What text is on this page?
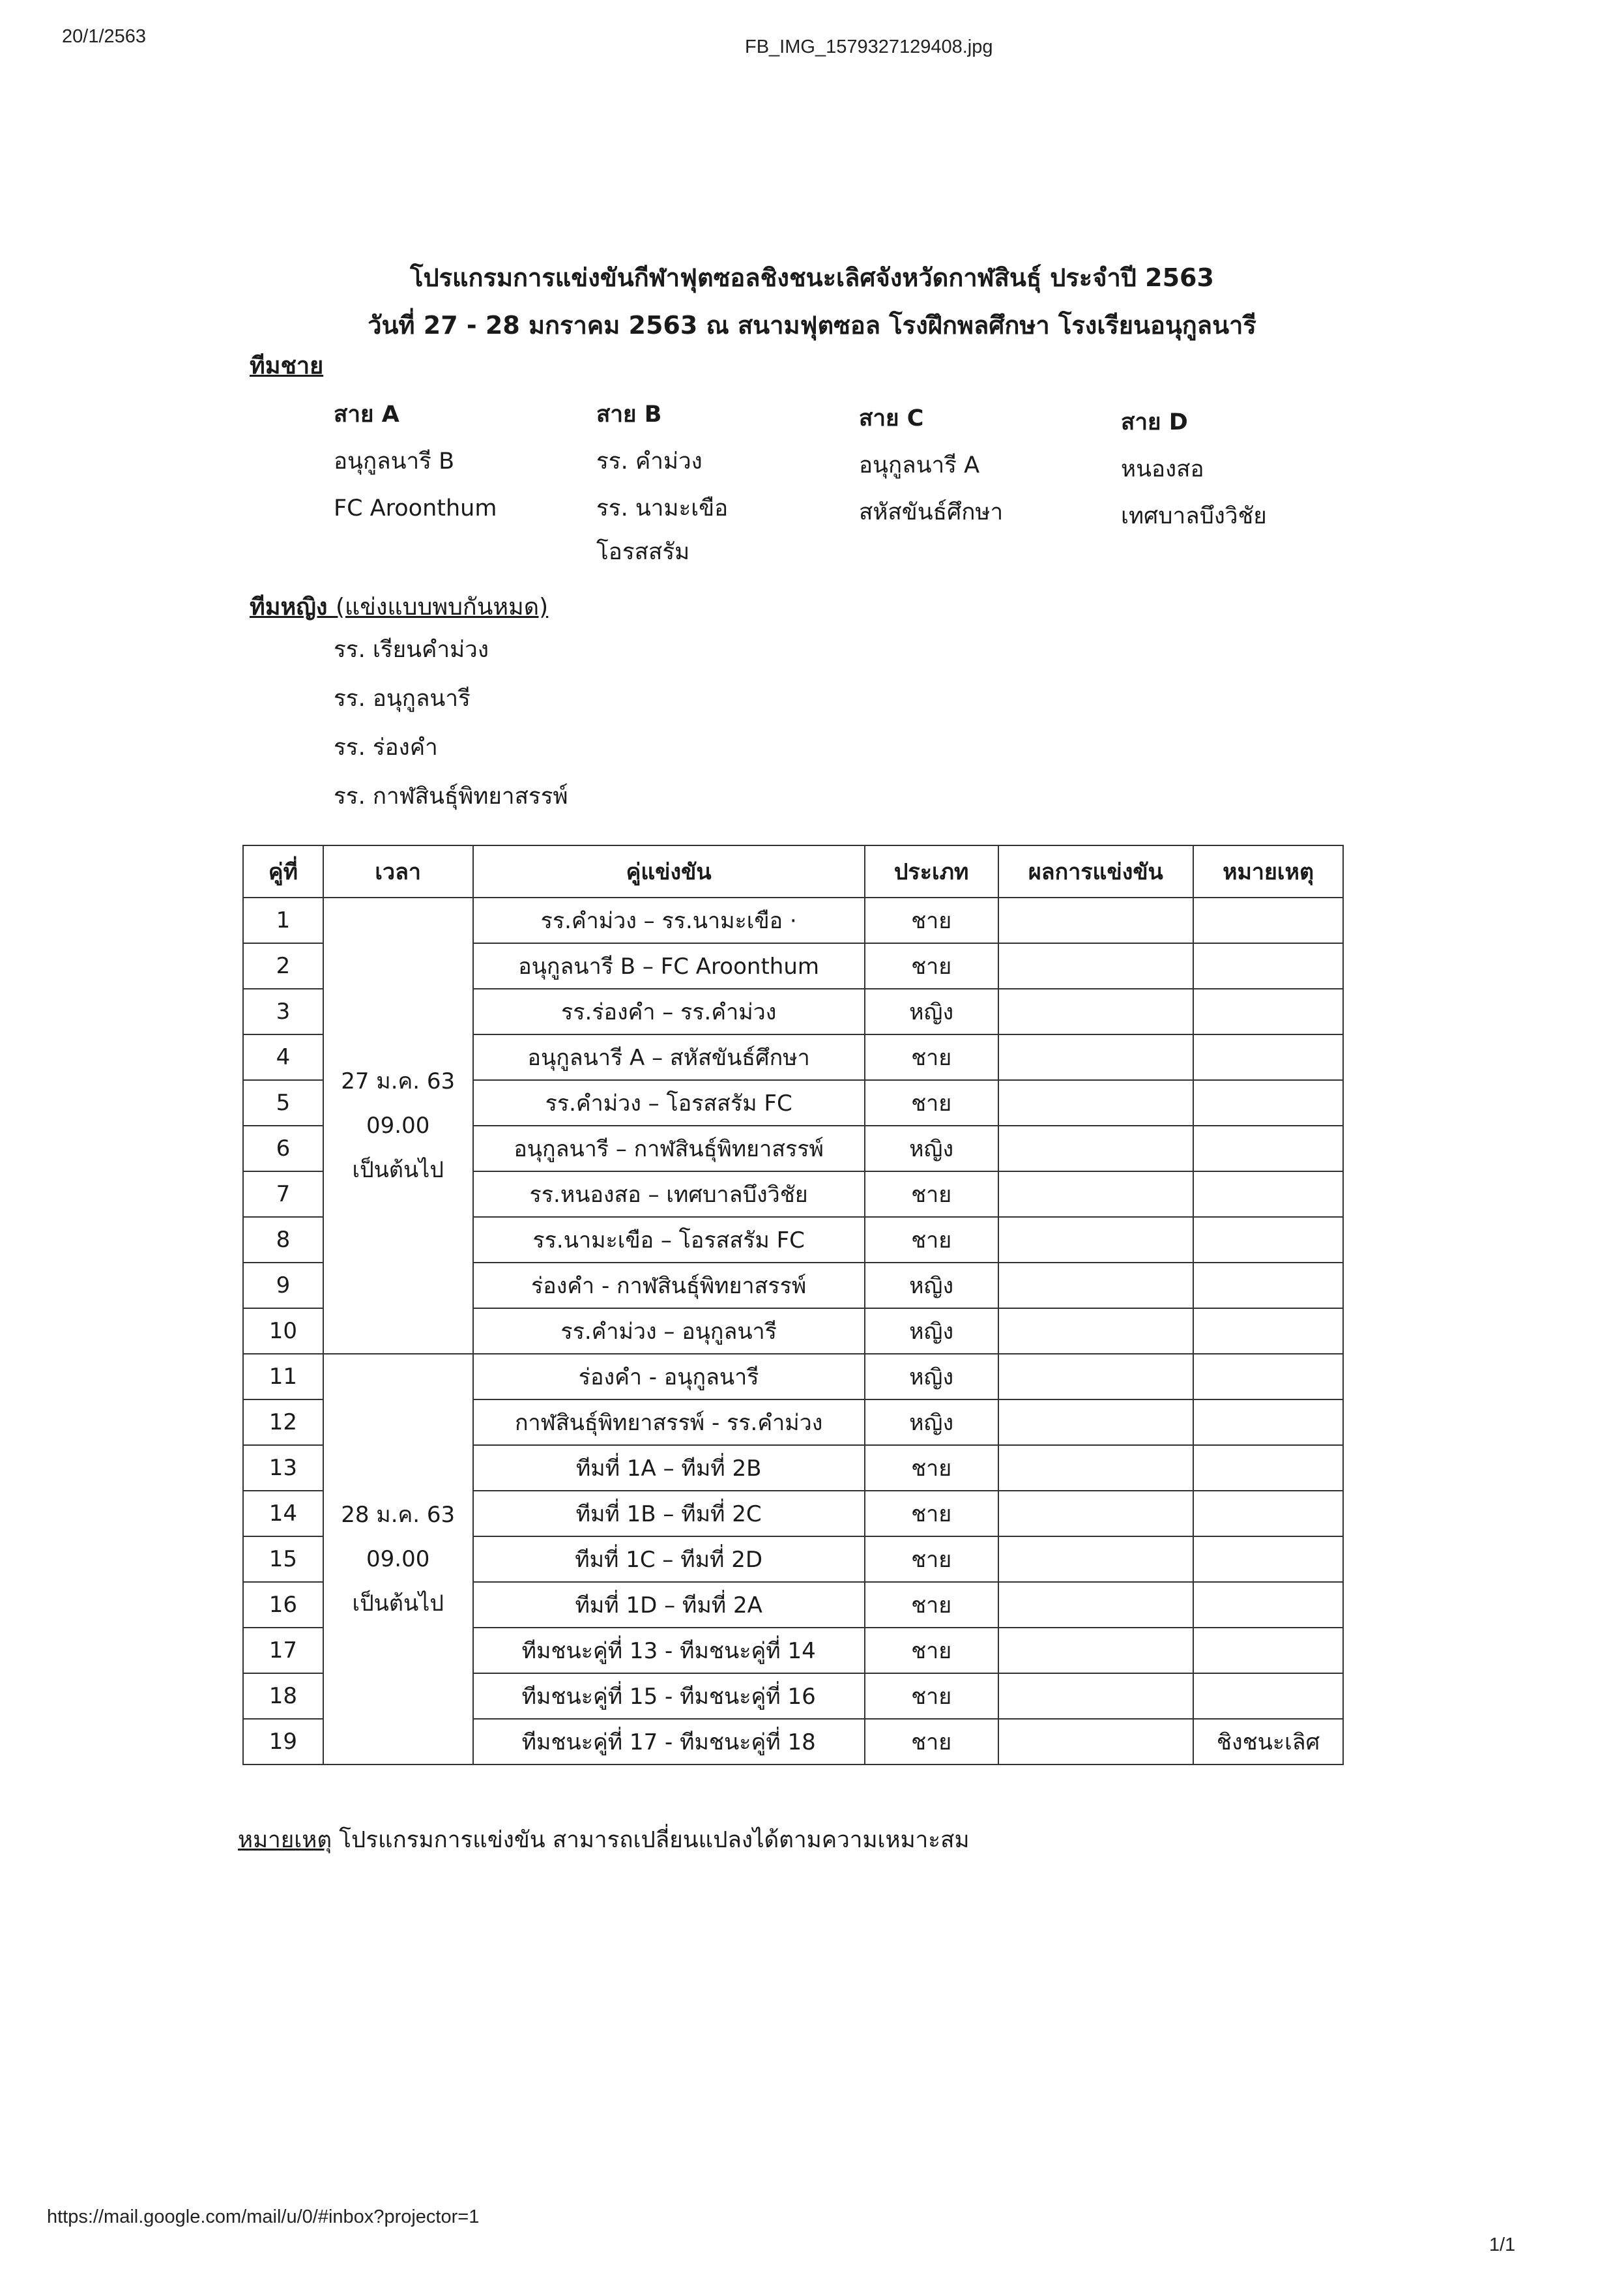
20/1/2563	FB_IMG_1579327129408.jpg
https://mail.google.com/mail/u/0/#inbox?projector=1
1/1
โปรแกรมการแข่งขันกีฬาฟุตซอลชิงชนะเลิศจังหวัดกาฬสินธุ์ ประจำปี 2563
วันที่ 27 - 28 มกราคม 2563 ณ สนามฟุตซอล โรงฝึกพลศึกษา โรงเรียนอนุกูลนารี
ทีมชาย
สาย A
อนุกูลนารี B
FC Aroonthum
สาย B
รร. คำม่วง
รร. นามะเขือ
โอรสสรัม
สาย C
อนุกูลนารี A
สหัสขันธ์ศึกษา
สาย D
หนองสอ
เทศบาลบึงวิชัย
ทีมหญิง (แข่งแบบพบกันหมด)
รร. เรียนคำม่วง
รร. อนุกูลนารี
รร. ร่องคำ
รร. กาฬสินธุ์พิทยาสรรพ์
คู่ที่	เวลา	คู่แข่งขัน	ประเภท	ผลการแข่งขัน	หมายเหตุ
1	27 ม.ค. 63
09.00
เป็นต้นไป	รร.คำม่วง – รร.นามะเขือ ·	ชาย		
2		อนุกูลนารี B – FC Aroonthum	ชาย		
3		รร.ร่องคำ – รร.คำม่วง	หญิง		
4		อนุกูลนารี A – สหัสขันธ์ศึกษา	ชาย		
5		รร.คำม่วง – โอรสสรัม FC	ชาย		
6		อนุกูลนารี – กาฬสินธุ์พิทยาสรรพ์	หญิง		
7		รร.หนองสอ – เทศบาลบึงวิชัย	ชาย		
8		รร.นามะเขือ – โอรสสรัม FC	ชาย		
9		ร่องคำ - กาฬสินธุ์พิทยาสรรพ์	หญิง		
10		รร.คำม่วง – อนุกูลนารี	หญิง		
11	28 ม.ค. 63
09.00
เป็นต้นไป	ร่องคำ - อนุกูลนารี	หญิง		
12		กาฬสินธุ์พิทยาสรรพ์ - รร.คำม่วง	หญิง		
13		ทีมที่ 1A – ทีมที่ 2B	ชาย		
14		ทีมที่ 1B – ทีมที่ 2C	ชาย		
15		ทีมที่ 1C – ทีมที่ 2D	ชาย		
16		ทีมที่ 1D – ทีมที่ 2A	ชาย		
17		ทีมชนะคู่ที่ 13 - ทีมชนะคู่ที่ 14	ชาย		
18		ทีมชนะคู่ที่ 15 - ทีมชนะคู่ที่ 16	ชาย		
19		ทีมชนะคู่ที่ 17 - ทีมชนะคู่ที่ 18	ชาย		ชิงชนะเลิศ
หมายเหตุ โปรแกรมการแข่งขัน สามารถเปลี่ยนแปลงได้ตามความเหมาะสม
